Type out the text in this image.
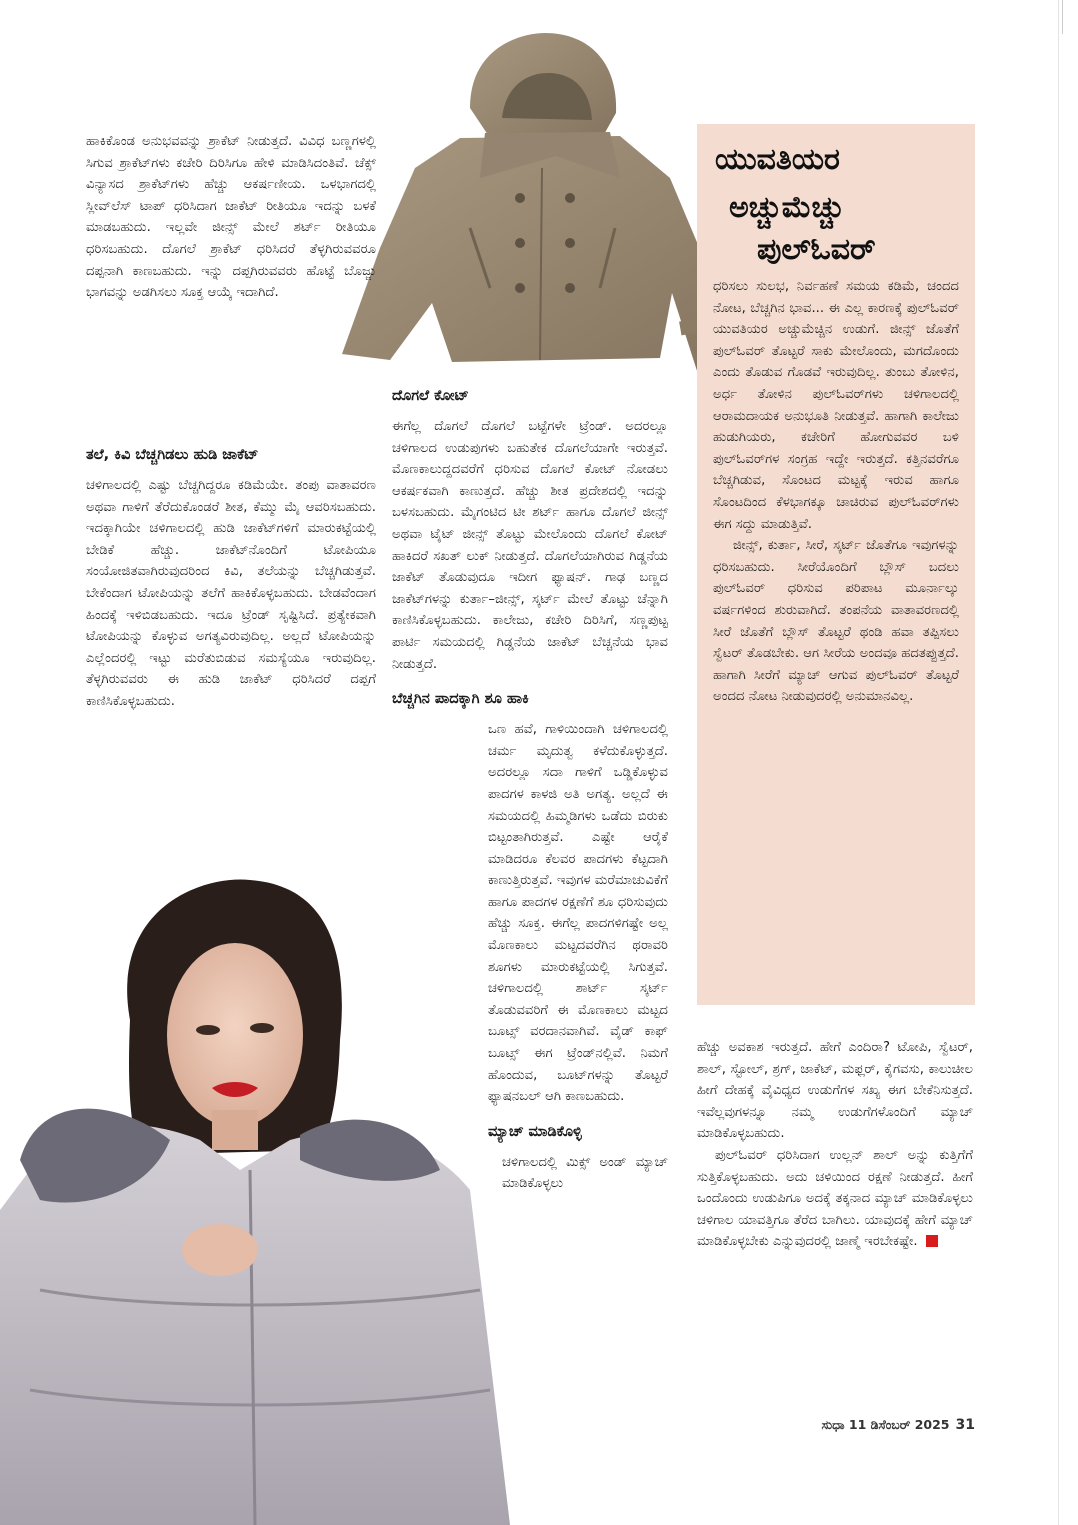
ಹಾಕಿಕೊಂಡ ಅನುಭವವನ್ನು ಶ್ರಾಕೆಟ್ ನೀಡುತ್ತದೆ. ವಿವಿಧ ಬಣ್ಣಗಳಲ್ಲಿ ಸಿಗುವ ಶ್ರಾಕೆಟ್‌ಗಳು ಕಚೇರಿ ದಿರಿಸಿಗೂ ಹೇಳಿ ಮಾಡಿಸಿದಂತಿವೆ. ಚೆಕ್ಸ್ ವಿನ್ಯಾಸದ ಶ್ರಾಕೆಟ್‌ಗಳು ಹೆಚ್ಚು ಆಕರ್ಷಣೀಯ. ಒಳಭಾಗದಲ್ಲಿ ಸ್ಲೀವ್‌ಲೆಸ್ ಟಾಪ್ ಧರಿಸಿದಾಗ ಜಾಕೆಟ್ ರೀತಿಯೂ ಇದನ್ನು ಬಳಕೆ ಮಾಡಬಹುದು. ಇಲ್ಲವೇ ಜೀನ್ಸ್ ಮೇಲೆ ಶರ್ಟ್ ರೀತಿಯೂ ಧರಿಸಬಹುದು. ದೊಗಲೆ ಶ್ರಾಕೆಟ್ ಧರಿಸಿದರೆ ತೆಳ್ಳಗಿರುವವರೂ ದಪ್ಪನಾಗಿ ಕಾಣಬಹುದು. ಇನ್ನು ದಪ್ಪಗಿರುವವರು ಹೊಟ್ಟೆ ಬೊಜ್ಜು ಭಾಗವನ್ನು ಅಡಗಿಸಲು ಸೂಕ್ತ ಆಯ್ಕೆ ಇದಾಗಿದೆ.

ತಲೆ, ಕಿವಿ ಬೆಚ್ಚಗಿಡಲು ಹುಡಿ ಜಾಕೆಟ್

ಚಳಿಗಾಲದಲ್ಲಿ ಎಷ್ಟು ಬೆಚ್ಚಗಿದ್ದರೂ ಕಡಿಮೆಯೇ. ತಂಪು ವಾತಾವರಣ ಅಥವಾ ಗಾಳಿಗೆ ತೆರೆದುಕೊಂಡರೆ ಶೀತ, ಕೆಮ್ಮು ಮೈ ಆವರಿಸಬಹುದು. ಇದಕ್ಕಾಗಿಯೇ ಚಳಿಗಾಲದಲ್ಲಿ ಹುಡಿ ಜಾಕೆಟ್‌ಗಳಿಗೆ ಮಾರುಕಟ್ಟೆಯಲ್ಲಿ ಬೇಡಿಕೆ ಹೆಚ್ಚು. ಜಾಕೆಟ್‌ನೊಂದಿಗೆ ಟೋಪಿಯೂ ಸಂಯೋಜಿತವಾಗಿರುವುದರಿಂದ ಕಿವಿ, ತಲೆಯನ್ನು ಬೆಚ್ಚಗಿಡುತ್ತವೆ. ಬೇಕೆಂದಾಗ ಟೋಪಿಯನ್ನು ತಲೆಗೆ ಹಾಕಿಕೊಳ್ಳಬಹುದು. ಬೇಡವೆಂದಾಗ ಹಿಂದಕ್ಕೆ ಇಳಿಬಿಡಬಹುದು. ಇದೂ ಟ್ರೆಂಡ್ ಸೃಷ್ಟಿಸಿದೆ. ಪ್ರತ್ಯೇಕವಾಗಿ ಟೋಪಿಯನ್ನು ಕೊಳ್ಳುವ ಅಗತ್ಯವಿರುವುದಿಲ್ಲ. ಅಲ್ಲದೆ ಟೋಪಿಯನ್ನು ಎಲ್ಲೆಂದರಲ್ಲಿ ಇಟ್ಟು ಮರೆತುಬಿಡುವ ಸಮಸ್ಯೆಯೂ ಇರುವುದಿಲ್ಲ. ತೆಳ್ಳಗಿರುವವರು ಈ ಹುಡಿ ಜಾಕೆಟ್ ಧರಿಸಿದರೆ ದಪ್ಪಗೆ ಕಾಣಿಸಿಕೊಳ್ಳಬಹುದು.

ದೊಗಲೆ ಕೋಟ್

ಈಗೆಲ್ಲ ದೊಗಲೆ ದೊಗಲೆ ಬಟ್ಟೆಗಳೇ ಟ್ರೆಂಡ್. ಅದರಲ್ಲೂ ಚಳಿಗಾಲದ ಉಡುಪುಗಳು ಬಹುತೇಕ ದೊಗಲೆಯಾಗೇ ಇರುತ್ತವೆ. ಮೊಣಕಾಲುದ್ದದವರೆಗೆ ಧರಿಸುವ ದೊಗಲೆ ಕೋಟ್ ನೋಡಲು ಆಕರ್ಷಕವಾಗಿ ಕಾಣುತ್ತದೆ. ಹೆಚ್ಚು ಶೀತ ಪ್ರದೇಶದಲ್ಲಿ ಇದನ್ನು ಬಳಸಬಹುದು. ಮೈಗಂಟಿದ ಟೀ ಶರ್ಟ್ ಹಾಗೂ ದೊಗಲೆ ಜೀನ್ಸ್ ಅಥವಾ ಟೈಟ್ ಜೀನ್ಸ್ ತೊಟ್ಟು ಮೇಲೊಂದು ದೊಗಲೆ ಕೋಟ್ ಹಾಕಿದರೆ ಸಖತ್ ಲುಕ್ ನೀಡುತ್ತದೆ. ದೊಗಲೆಯಾಗಿರುವ ಗಿಡ್ಡನೆಯ ಜಾಕೆಟ್ ತೊಡುವುದೂ ಇದೀಗ ಫ್ಯಾಷನ್. ಗಾಢ ಬಣ್ಣದ ಜಾಕೆಟ್‌ಗಳನ್ನು ಕುರ್ತಾ–ಜೀನ್ಸ್, ಸ್ಕರ್ಟ್ ಮೇಲೆ ತೊಟ್ಟು ಚೆನ್ನಾಗಿ ಕಾಣಿಸಿಕೊಳ್ಳಬಹುದು. ಕಾಲೇಜು, ಕಚೇರಿ ದಿರಿಸಿಗೆ, ಸಣ್ಣಪುಟ್ಟ ಪಾರ್ಟಿ ಸಮಯದಲ್ಲಿ ಗಿಡ್ಡನೆಯ ಜಾಕೆಟ್ ಬೆಚ್ಚನೆಯ ಭಾವ ನೀಡುತ್ತದೆ.

ಬೆಚ್ಚಗಿನ ಪಾದಕ್ಕಾಗಿ ಶೂ ಹಾಕಿ

ಒಣ ಹವೆ, ಗಾಳಿಯಿಂದಾಗಿ ಚಳಿಗಾಲದಲ್ಲಿ ಚರ್ಮ ಮೃದುತ್ವ ಕಳೆದುಕೊಳ್ಳುತ್ತದೆ. ಅದರಲ್ಲೂ ಸದಾ ಗಾಳಿಗೆ ಒಡ್ಡಿಕೊಳ್ಳುವ ಪಾದಗಳ ಕಾಳಜಿ ಅತಿ ಅಗತ್ಯ. ಅಲ್ಲದೆ ಈ ಸಮಯದಲ್ಲಿ ಹಿಮ್ಮಡಿಗಳು ಒಡೆದು ಬಿರುಕು ಬಿಟ್ಟಂತಾಗಿರುತ್ತವೆ. ಎಷ್ಟೇ ಆರೈಕೆ ಮಾಡಿದರೂ ಕೆಲವರ ಪಾದಗಳು ಕೆಟ್ಟದಾಗಿ ಕಾಣುತ್ತಿರುತ್ತವೆ. ಇವುಗಳ ಮರೆಮಾಚುವಿಕೆಗೆ ಹಾಗೂ ಪಾದಗಳ ರಕ್ಷಣೆಗೆ ಶೂ ಧರಿಸುವುದು ಹೆಚ್ಚು ಸೂಕ್ತ. ಈಗೆಲ್ಲ ಪಾದಗಳಿಗಷ್ಟೇ ಅಲ್ಲ ಮೊಣಕಾಲು ಮಟ್ಟದವರೆಗಿನ ಥರಾವರಿ ಶೂಗಳು ಮಾರುಕಟ್ಟೆಯಲ್ಲಿ ಸಿಗುತ್ತವೆ. ಚಳಿಗಾಲದಲ್ಲಿ ಶಾರ್ಟ್ ಸ್ಕರ್ಟ್ ತೊಡುವವರಿಗೆ ಈ ಮೊಣಕಾಲು ಮಟ್ಟದ ಬೂಟ್ಸ್ ವರದಾನವಾಗಿವೆ. ವೈಡ್ ಕಾಫ್ ಬೂಟ್ಸ್ ಈಗ ಟ್ರೆಂಡ್‌ನಲ್ಲಿವೆ. ನಿಮಗೆ ಹೊಂದುವ, ಬೂಟ್‌ಗಳನ್ನು ತೊಟ್ಟರೆ ಫ್ಯಾಷನಬಲ್ ಆಗಿ ಕಾಣಬಹುದು.

ಮ್ಯಾಚ್ ಮಾಡಿಕೊಳ್ಳಿ

ಚಳಿಗಾಲದಲ್ಲಿ ಮಿಕ್ಸ್ ಅಂಡ್ ಮ್ಯಾಚ್ ಮಾಡಿಕೊಳ್ಳಲು

ಯುವತಿಯರ
ಅಚ್ಚುಮೆಚ್ಚು
ಪುಲ್‌ಓವರ್

ಧರಿಸಲು ಸುಲಭ, ನಿರ್ವಹಣೆ ಸಮಯ ಕಡಿಮೆ, ಚಂದದ ನೋಟ, ಬೆಚ್ಚಗಿನ ಭಾವ... ಈ ಎಲ್ಲ ಕಾರಣಕ್ಕೆ ಪುಲ್‌ಓವರ್ ಯುವತಿಯರ ಅಚ್ಚುಮೆಚ್ಚಿನ ಉಡುಗೆ. ಜೀನ್ಸ್ ಜೊತೆಗೆ ಪುಲ್‌ಓವರ್ ತೊಟ್ಟರೆ ಸಾಕು ಮೇಲೊಂದು, ಮಗದೊಂದು ಎಂದು ತೊಡುವ ಗೊಡವೆ ಇರುವುದಿಲ್ಲ. ತುಂಬು ತೋಳಿನ, ಅರ್ಧ ತೋಳಿನ ಪುಲ್‌ಓವರ್‌ಗಳು ಚಳಿಗಾಲದಲ್ಲಿ ಆರಾಮದಾಯಕ ಅನುಭೂತಿ ನೀಡುತ್ತವೆ. ಹಾಗಾಗಿ ಕಾಲೇಜು ಹುಡುಗಿಯರು, ಕಚೇರಿಗೆ ಹೋಗುವವರ ಬಳಿ ಪುಲ್‌ಓವರ್‌ಗಳ ಸಂಗ್ರಹ ಇದ್ದೇ ಇರುತ್ತದೆ. ಕತ್ತಿನವರೆಗೂ ಬೆಚ್ಚಗಿಡುವ, ಸೊಂಟದ ಮಟ್ಟಕ್ಕೆ ಇರುವ ಹಾಗೂ ಸೊಂಟದಿಂದ ಕೆಳಭಾಗಕ್ಕೂ ಚಾಚಿರುವ ಪುಲ್‌ಓವರ್‌ಗಳು ಈಗ ಸದ್ದು ಮಾಡುತ್ತಿವೆ.

ಜೀನ್ಸ್, ಕುರ್ತಾ, ಸೀರೆ, ಸ್ಕರ್ಟ್ ಜೊತೆಗೂ ಇವುಗಳನ್ನು ಧರಿಸಬಹುದು. ಸೀರೆಯೊಂದಿಗೆ ಬ್ಲೌಸ್ ಬದಲು ಪುಲ್‌ಓವರ್ ಧರಿಸುವ ಪರಿಪಾಟ ಮೂರ್ನಾಲ್ಕು ವರ್ಷಗಳಿಂದ ಶುರುವಾಗಿದೆ. ತಂಪನೆಯ ವಾತಾವರಣದಲ್ಲಿ ಸೀರೆ ಜೊತೆಗೆ ಬ್ಲೌಸ್ ತೊಟ್ಟರೆ ಥಂಡಿ ಹವಾ ತಪ್ಪಿಸಲು ಸ್ವೆಟರ್ ತೊಡಬೇಕು. ಆಗ ಸೀರೆಯ ಅಂದವೂ ಹದತಪ್ಪುತ್ತದೆ. ಹಾಗಾಗಿ ಸೀರೆಗೆ ಮ್ಯಾಚ್ ಆಗುವ ಪುಲ್‌ಓವರ್ ತೊಟ್ಟರೆ ಅಂದದ ನೋಟ ನೀಡುವುದರಲ್ಲಿ ಅನುಮಾನವಿಲ್ಲ.

ಹೆಚ್ಚು ಅವಕಾಶ ಇರುತ್ತದೆ. ಹೇಗೆ ಎಂದಿರಾ? ಟೋಪಿ, ಸ್ವೆಟರ್, ಶಾಲ್, ಸ್ಟೋಲ್, ಶ್ರಗ್, ಜಾಕೆಟ್, ಮಫ್ಲರ್, ಕೈಗವಸು, ಕಾಲುಚೀಲ ಹೀಗೆ ದೇಹಕ್ಕೆ ವೈವಿಧ್ಯದ ಉಡುಗೆಗಳ ಸಖ್ಯ ಈಗ ಬೇಕೆನಿಸುತ್ತದೆ. ಇವೆಲ್ಲವುಗಳನ್ನೂ ನಮ್ಮ ಉಡುಗೆಗಳೊಂದಿಗೆ ಮ್ಯಾಚ್ ಮಾಡಿಕೊಳ್ಳಬಹುದು.

ಪುಲ್‌ಓವರ್ ಧರಿಸಿದಾಗ ಉಲ್ಲನ್ ಶಾಲ್ ಅನ್ನು ಕುತ್ತಿಗೆಗೆ ಸುತ್ತಿಕೊಳ್ಳಬಹುದು. ಅದು ಚಳಿಯಿಂದ ರಕ್ಷಣೆ ನೀಡುತ್ತದೆ. ಹೀಗೆ ಒಂದೊಂದು ಉಡುಪಿಗೂ ಅದಕ್ಕೆ ತಕ್ಕನಾದ ಮ್ಯಾಚ್ ಮಾಡಿಕೊಳ್ಳಲು ಚಳಿಗಾಲ ಯಾವತ್ತಿಗೂ ತೆರೆದ ಬಾಗಿಲು. ಯಾವುದಕ್ಕೆ ಹೇಗೆ ಮ್ಯಾಚ್ ಮಾಡಿಕೊಳ್ಳಬೇಕು ಎನ್ನುವುದರಲ್ಲಿ ಜಾಣ್ಮೆ ಇರಬೇಕಷ್ಟೇ.

ಸುಧಾ 11 ಡಿಸೆಂಬರ್ 2025 31
